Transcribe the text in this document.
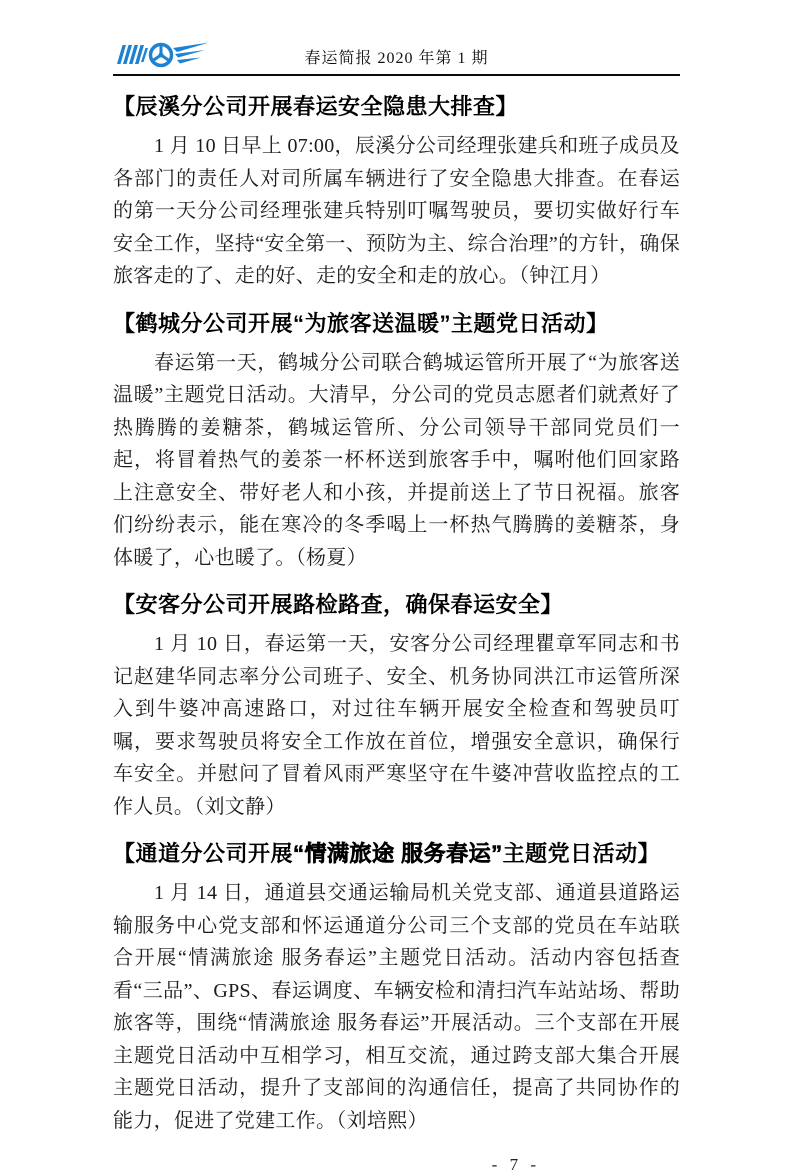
春运简报 2020 年第 1 期
【辰溪分公司开展春运安全隐患大排查】

1 月 10 日早上 07:00，辰溪分公司经理张建兵和班子成员及各部门的责任人对司所属车辆进行了安全隐患大排查。在春运的第一天分公司经理张建兵特别叮嘱驾驶员，要切实做好行车安全工作，坚持“安全第一、预防为主、综合治理”的方针，确保旅客走的了、走的好、走的安全和走的放心。（钟江月）

【鹤城分公司开展“为旅客送温暖”主题党日活动】

春运第一天，鹤城分公司联合鹤城运管所开展了“为旅客送温暖”主题党日活动。大清早，分公司的党员志愿者们就煮好了热腾腾的姜糖茶，鹤城运管所、分公司领导干部同党员们一起，将冒着热气的姜茶一杯杯送到旅客手中，嘱咐他们回家路上注意安全、带好老人和小孩，并提前送上了节日祝福。旅客们纷纷表示，能在寒冷的冬季喝上一杯热气腾腾的姜糖茶，身体暖了，心也暖了。（杨夏）

【安客分公司开展路检路查，确保春运安全】

1 月 10 日，春运第一天，安客分公司经理瞿章军同志和书记赵建华同志率分公司班子、安全、机务协同洪江市运管所深入到牛婆冲高速路口，对过往车辆开展安全检查和驾驶员叮嘱，要求驾驶员将安全工作放在首位，增强安全意识，确保行车安全。并慰问了冒着风雨严寒坚守在牛婆冲营收监控点的工作人员。（刘文静）

【通道分公司开展“情满旅途 服务春运”主题党日活动】

1 月 14 日，通道县交通运输局机关党支部、通道县道路运输服务中心党支部和怀运通道分公司三个支部的党员在车站联合开展“情满旅途 服务春运”主题党日活动。活动内容包括查看“三品”、GPS、春运调度、车辆安检和清扫汽车站站场、帮助旅客等，围绕“情满旅途 服务春运”开展活动。三个支部在开展主题党日活动中互相学习，相互交流，通过跨支部大集合开展主题党日活动，提升了支部间的沟通信任，提高了共同协作的能力，促进了党建工作。（刘培熙）

- 7 -
